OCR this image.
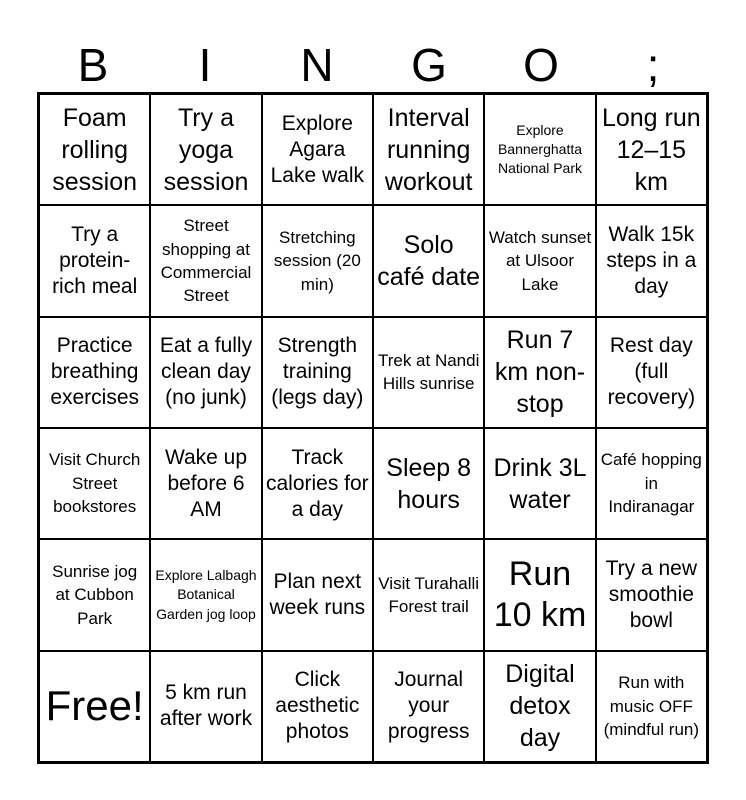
B	I	N	G	O	;
Foam rolling session
Try a yoga session
Explore Agara Lake walk
Interval running workout
Explore Bannerghatta National Park
Long run 12–15 km
Try a protein-rich meal
Street shopping at Commercial Street
Stretching session (20 min)
Solo café date
Watch sunset at Ulsoor Lake
Walk 15k steps in a day
Practice breathing exercises
Eat a fully clean day (no junk)
Strength training (legs day)
Trek at Nandi Hills sunrise
Run 7 km non-stop
Rest day (full recovery)
Visit Church Street bookstores
Wake up before 6 AM
Track calories for a day
Sleep 8 hours
Drink 3L water
Café hopping in Indiranagar
Sunrise jog at Cubbon Park
Explore Lalbagh Botanical Garden jog loop
Plan next week runs
Visit Turahalli Forest trail
Run 10 km
Try a new smoothie bowl
Free!	5 km run after work
Click aesthetic photos
Journal your progress
Digital detox day
Run with music OFF (mindful run)
